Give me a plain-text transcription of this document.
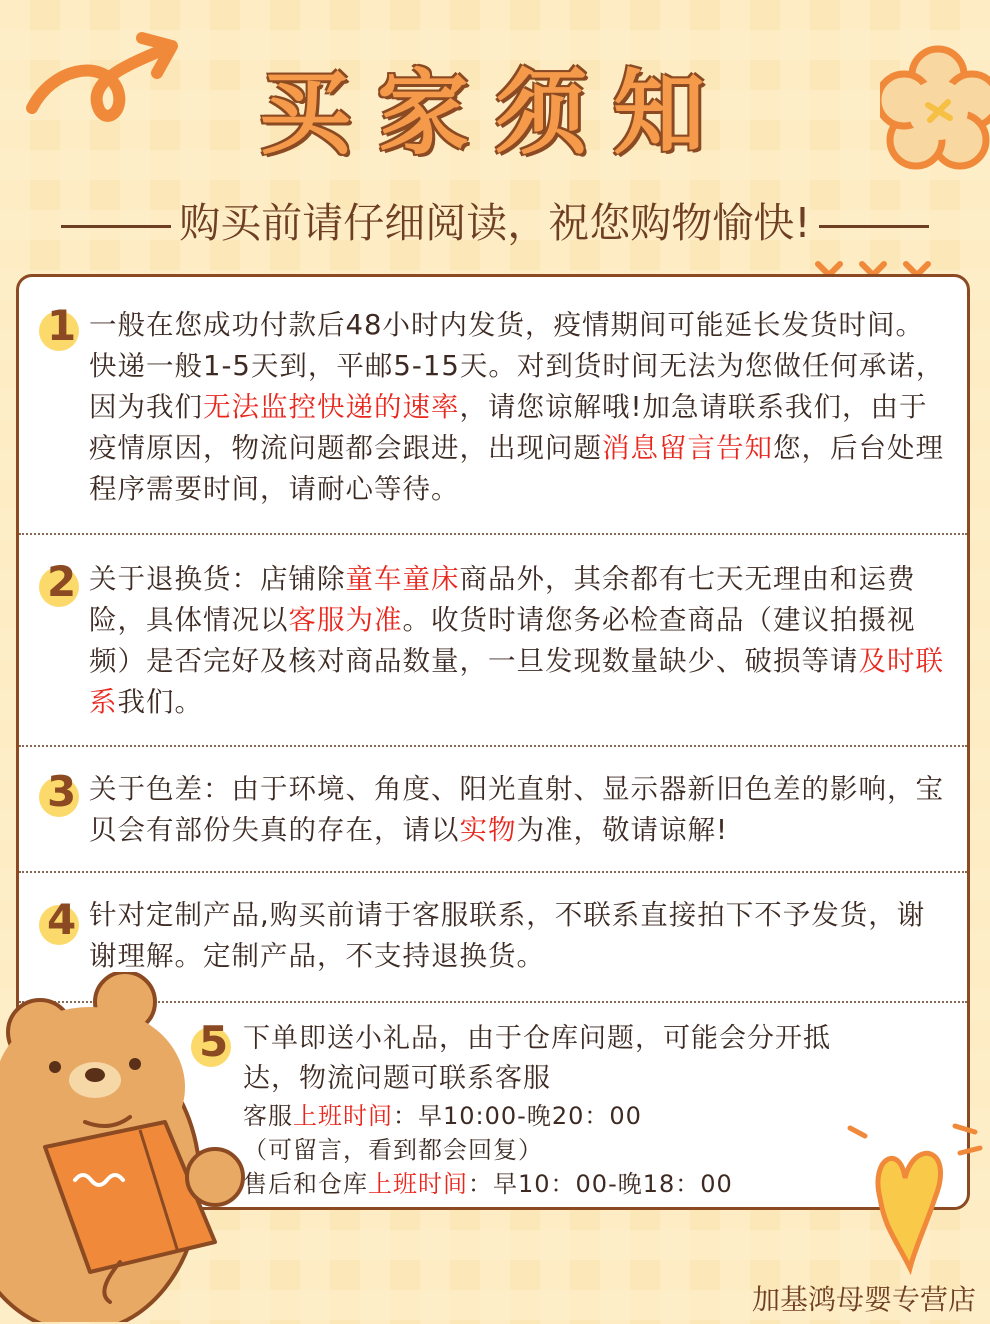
买家须知
购买前请仔细阅读，祝您购物愉快!
1 一般在您成功付款后48小时内发货，疫情期间可能延长发货时间。快递一般1-5天到，平邮5-15天。对到货时间无法为您做任何承诺，因为我们无法监控快递的速率，请您谅解哦!加急请联系我们，由于疫情原因，物流问题都会跟进，出现问题消息留言告知您，后台处理程序需要时间，请耐心等待。
2 关于退换货：店铺除童车童床商品外，其余都有七天无理由和运费险，具体情况以客服为准。收货时请您务必检查商品（建议拍摄视频）是否完好及核对商品数量，一旦发现数量缺少、破损等请及时联系我们。
3 关于色差：由于环境、角度、阳光直射、显示器新旧色差的影响，宝贝会有部份失真的存在，请以实物为准，敬请谅解!
4 针对定制产品,购买前请于客服联系，不联系直接拍下不予发货，谢谢理解。定制产品，不支持退换货。
5 下单即送小礼品，由于仓库问题，可能会分开抵
达，物流问题可联系客服
客服上班时间：早10:00-晚20：00
（可留言，看到都会回复）
售后和仓库上班时间：早10：00-晚18：00
加基鸿母婴专营店
